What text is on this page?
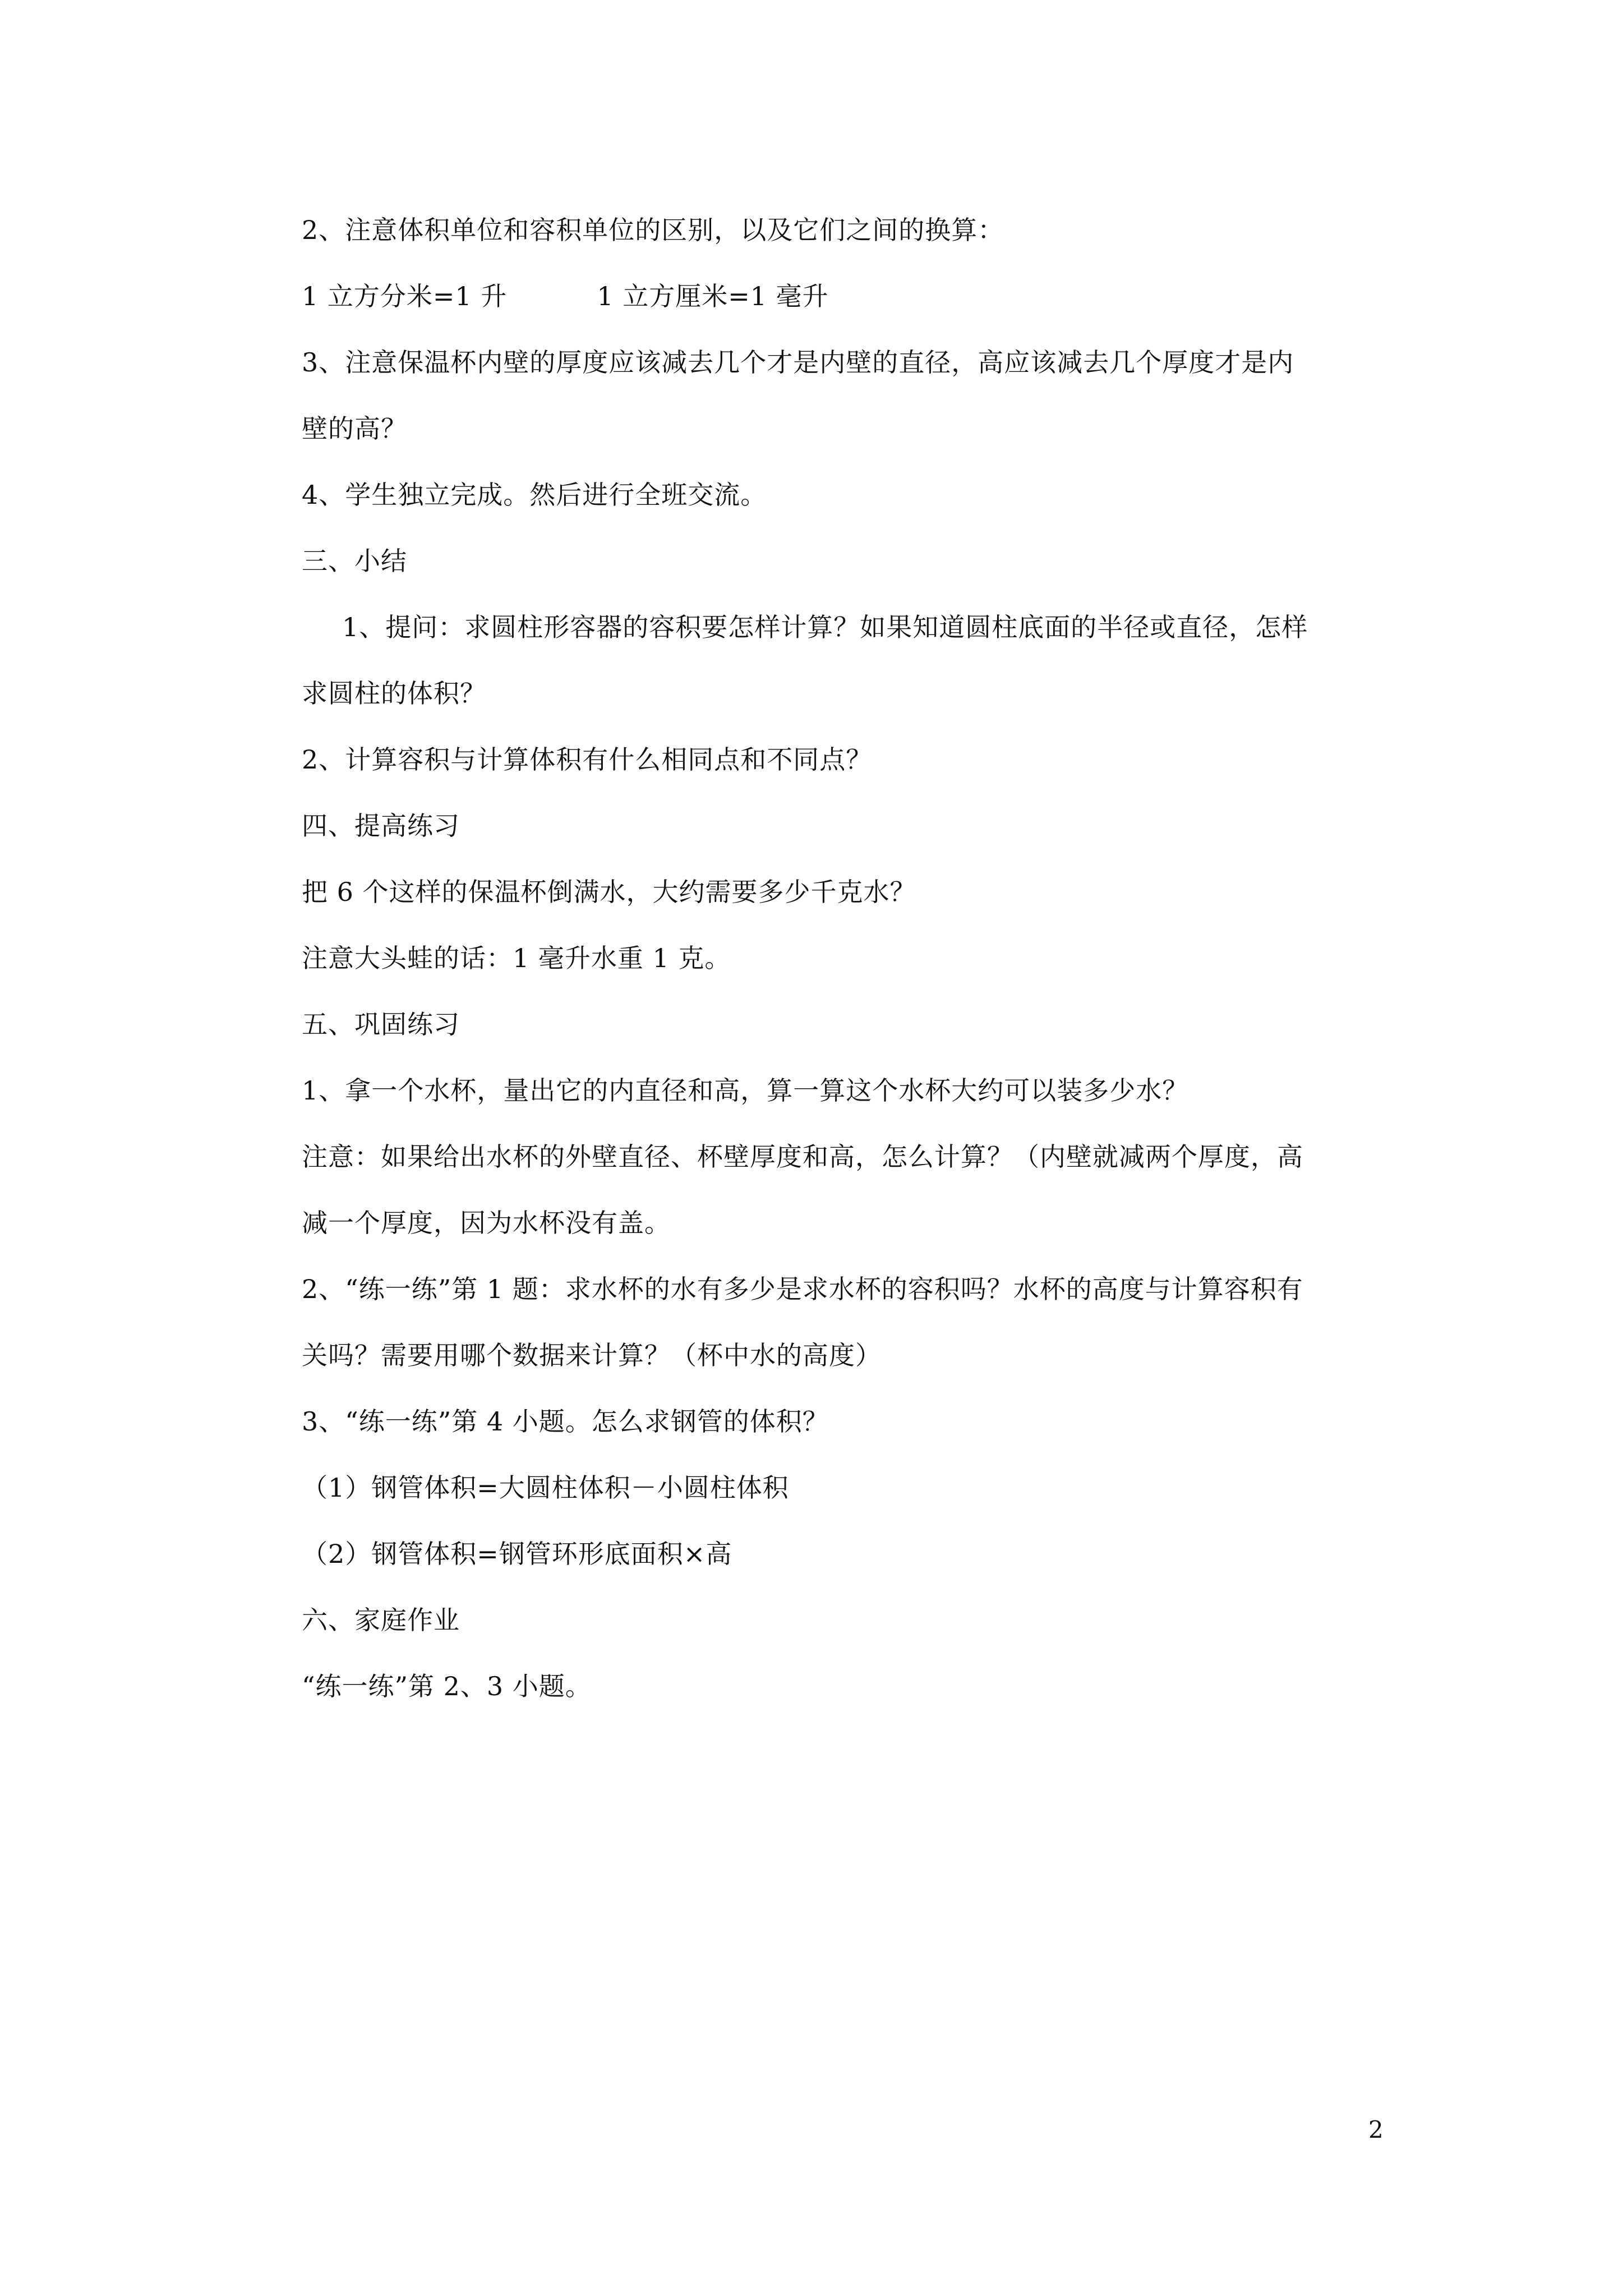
2、注意体积单位和容积单位的区别，以及它们之间的换算：
1 立方分米=1 升	1 立方厘米=1 毫升
3、注意保温杯内壁的厚度应该减去几个才是内壁的直径，高应该减去几个厚度才是内
壁的高？
4、学生独立完成。然后进行全班交流。
三、小结
1、提问：求圆柱形容器的容积要怎样计算？如果知道圆柱底面的半径或直径，怎样
求圆柱的体积？
2、计算容积与计算体积有什么相同点和不同点？
四、提高练习
把 6 个这样的保温杯倒满水，大约需要多少千克水？
注意大头蛙的话：1 毫升水重 1 克。
五、巩固练习
1、拿一个水杯，量出它的内直径和高，算一算这个水杯大约可以装多少水？
注意：如果给出水杯的外壁直径、杯壁厚度和高，怎么计算？（内壁就减两个厚度，高
减一个厚度，因为水杯没有盖。
2、“练一练”第 1 题：求水杯的水有多少是求水杯的容积吗？水杯的高度与计算容积有
关吗？需要用哪个数据来计算？（杯中水的高度）
3、“练一练”第 4 小题。怎么求钢管的体积？
（1）钢管体积=大圆柱体积－小圆柱体积
（2）钢管体积=钢管环形底面积×高
六、家庭作业
“练一练”第 2、3 小题。
2
